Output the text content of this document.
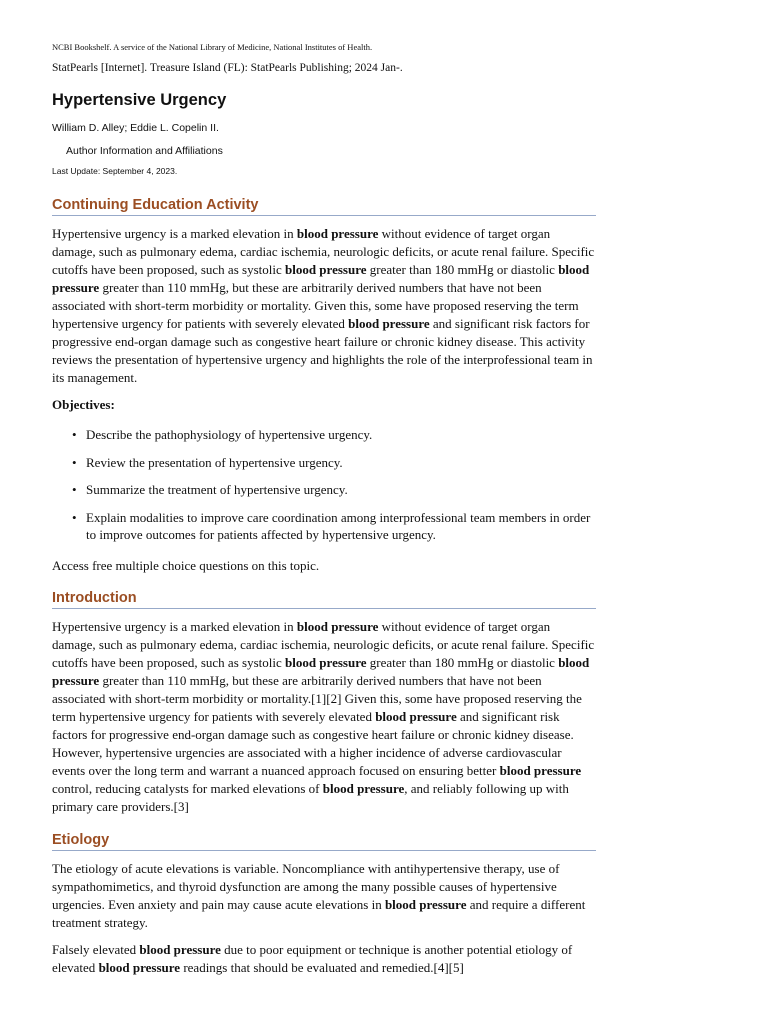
NCBI Bookshelf. A service of the National Library of Medicine, National Institutes of Health.
StatPearls [Internet]. Treasure Island (FL): StatPearls Publishing; 2024 Jan-.
Hypertensive Urgency
William D. Alley; Eddie L. Copelin II.
Author Information and Affiliations
Last Update: September 4, 2023.
Continuing Education Activity

Hypertensive urgency is a marked elevation in blood pressure without evidence of target organ damage, such as pulmonary edema, cardiac ischemia, neurologic deficits, or acute renal failure. Specific cutoffs have been proposed, such as systolic blood pressure greater than 180 mmHg or diastolic blood pressure greater than 110 mmHg, but these are arbitrarily derived numbers that have not been associated with short-term morbidity or mortality. Given this, some have proposed reserving the term hypertensive urgency for patients with severely elevated blood pressure and significant risk factors for progressive end-organ damage such as congestive heart failure or chronic kidney disease. This activity reviews the presentation of hypertensive urgency and highlights the role of the interprofessional team in its management.

Objectives:
• Describe the pathophysiology of hypertensive urgency.
• Review the presentation of hypertensive urgency.
• Summarize the treatment of hypertensive urgency.
• Explain modalities to improve care coordination among interprofessional team members in order to improve outcomes for patients affected by hypertensive urgency.

Access free multiple choice questions on this topic.

Introduction

Hypertensive urgency is a marked elevation in blood pressure without evidence of target organ damage, such as pulmonary edema, cardiac ischemia, neurologic deficits, or acute renal failure. Specific cutoffs have been proposed, such as systolic blood pressure greater than 180 mmHg or diastolic blood pressure greater than 110 mmHg, but these are arbitrarily derived numbers that have not been associated with short-term morbidity or mortality.[1][2] Given this, some have proposed reserving the term hypertensive urgency for patients with severely elevated blood pressure and significant risk factors for progressive end-organ damage such as congestive heart failure or chronic kidney disease. However, hypertensive urgencies are associated with a higher incidence of adverse cardiovascular events over the long term and warrant a nuanced approach focused on ensuring better blood pressure control, reducing catalysts for marked elevations of blood pressure, and reliably following up with primary care providers.[3]

Etiology

The etiology of acute elevations is variable. Noncompliance with antihypertensive therapy, use of sympathomimetics, and thyroid dysfunction are among the many possible causes of hypertensive urgencies. Even anxiety and pain may cause acute elevations in blood pressure and require a different treatment strategy.

Falsely elevated blood pressure due to poor equipment or technique is another potential etiology of elevated blood pressure readings that should be evaluated and remedied.[4][5]
